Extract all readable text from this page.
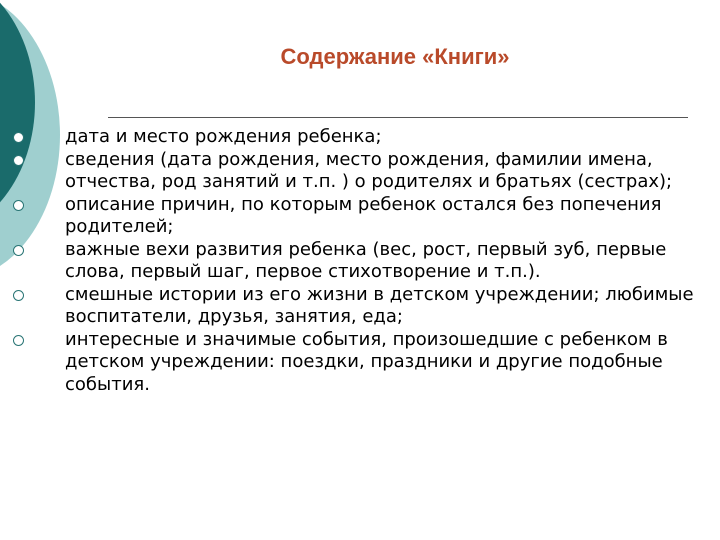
Содержание «Книги»
дата и место рождения ребенка;
сведения (дата рождения, место рождения, фамилии имена, отчества, род занятий и т.п. ) о родителях и братьях (сестрах);
описание причин, по которым ребенок остался без попечения родителей;
важные вехи развития ребенка (вес, рост, первый зуб, первые слова, первый шаг, первое стихотворение и т.п.).
смешные истории из его жизни в детском учреждении; любимые воспитатели, друзья, занятия, еда;
интересные и значимые события, произошедшие с ребенком в детском учреждении: поездки, праздники и другие подобные события.
